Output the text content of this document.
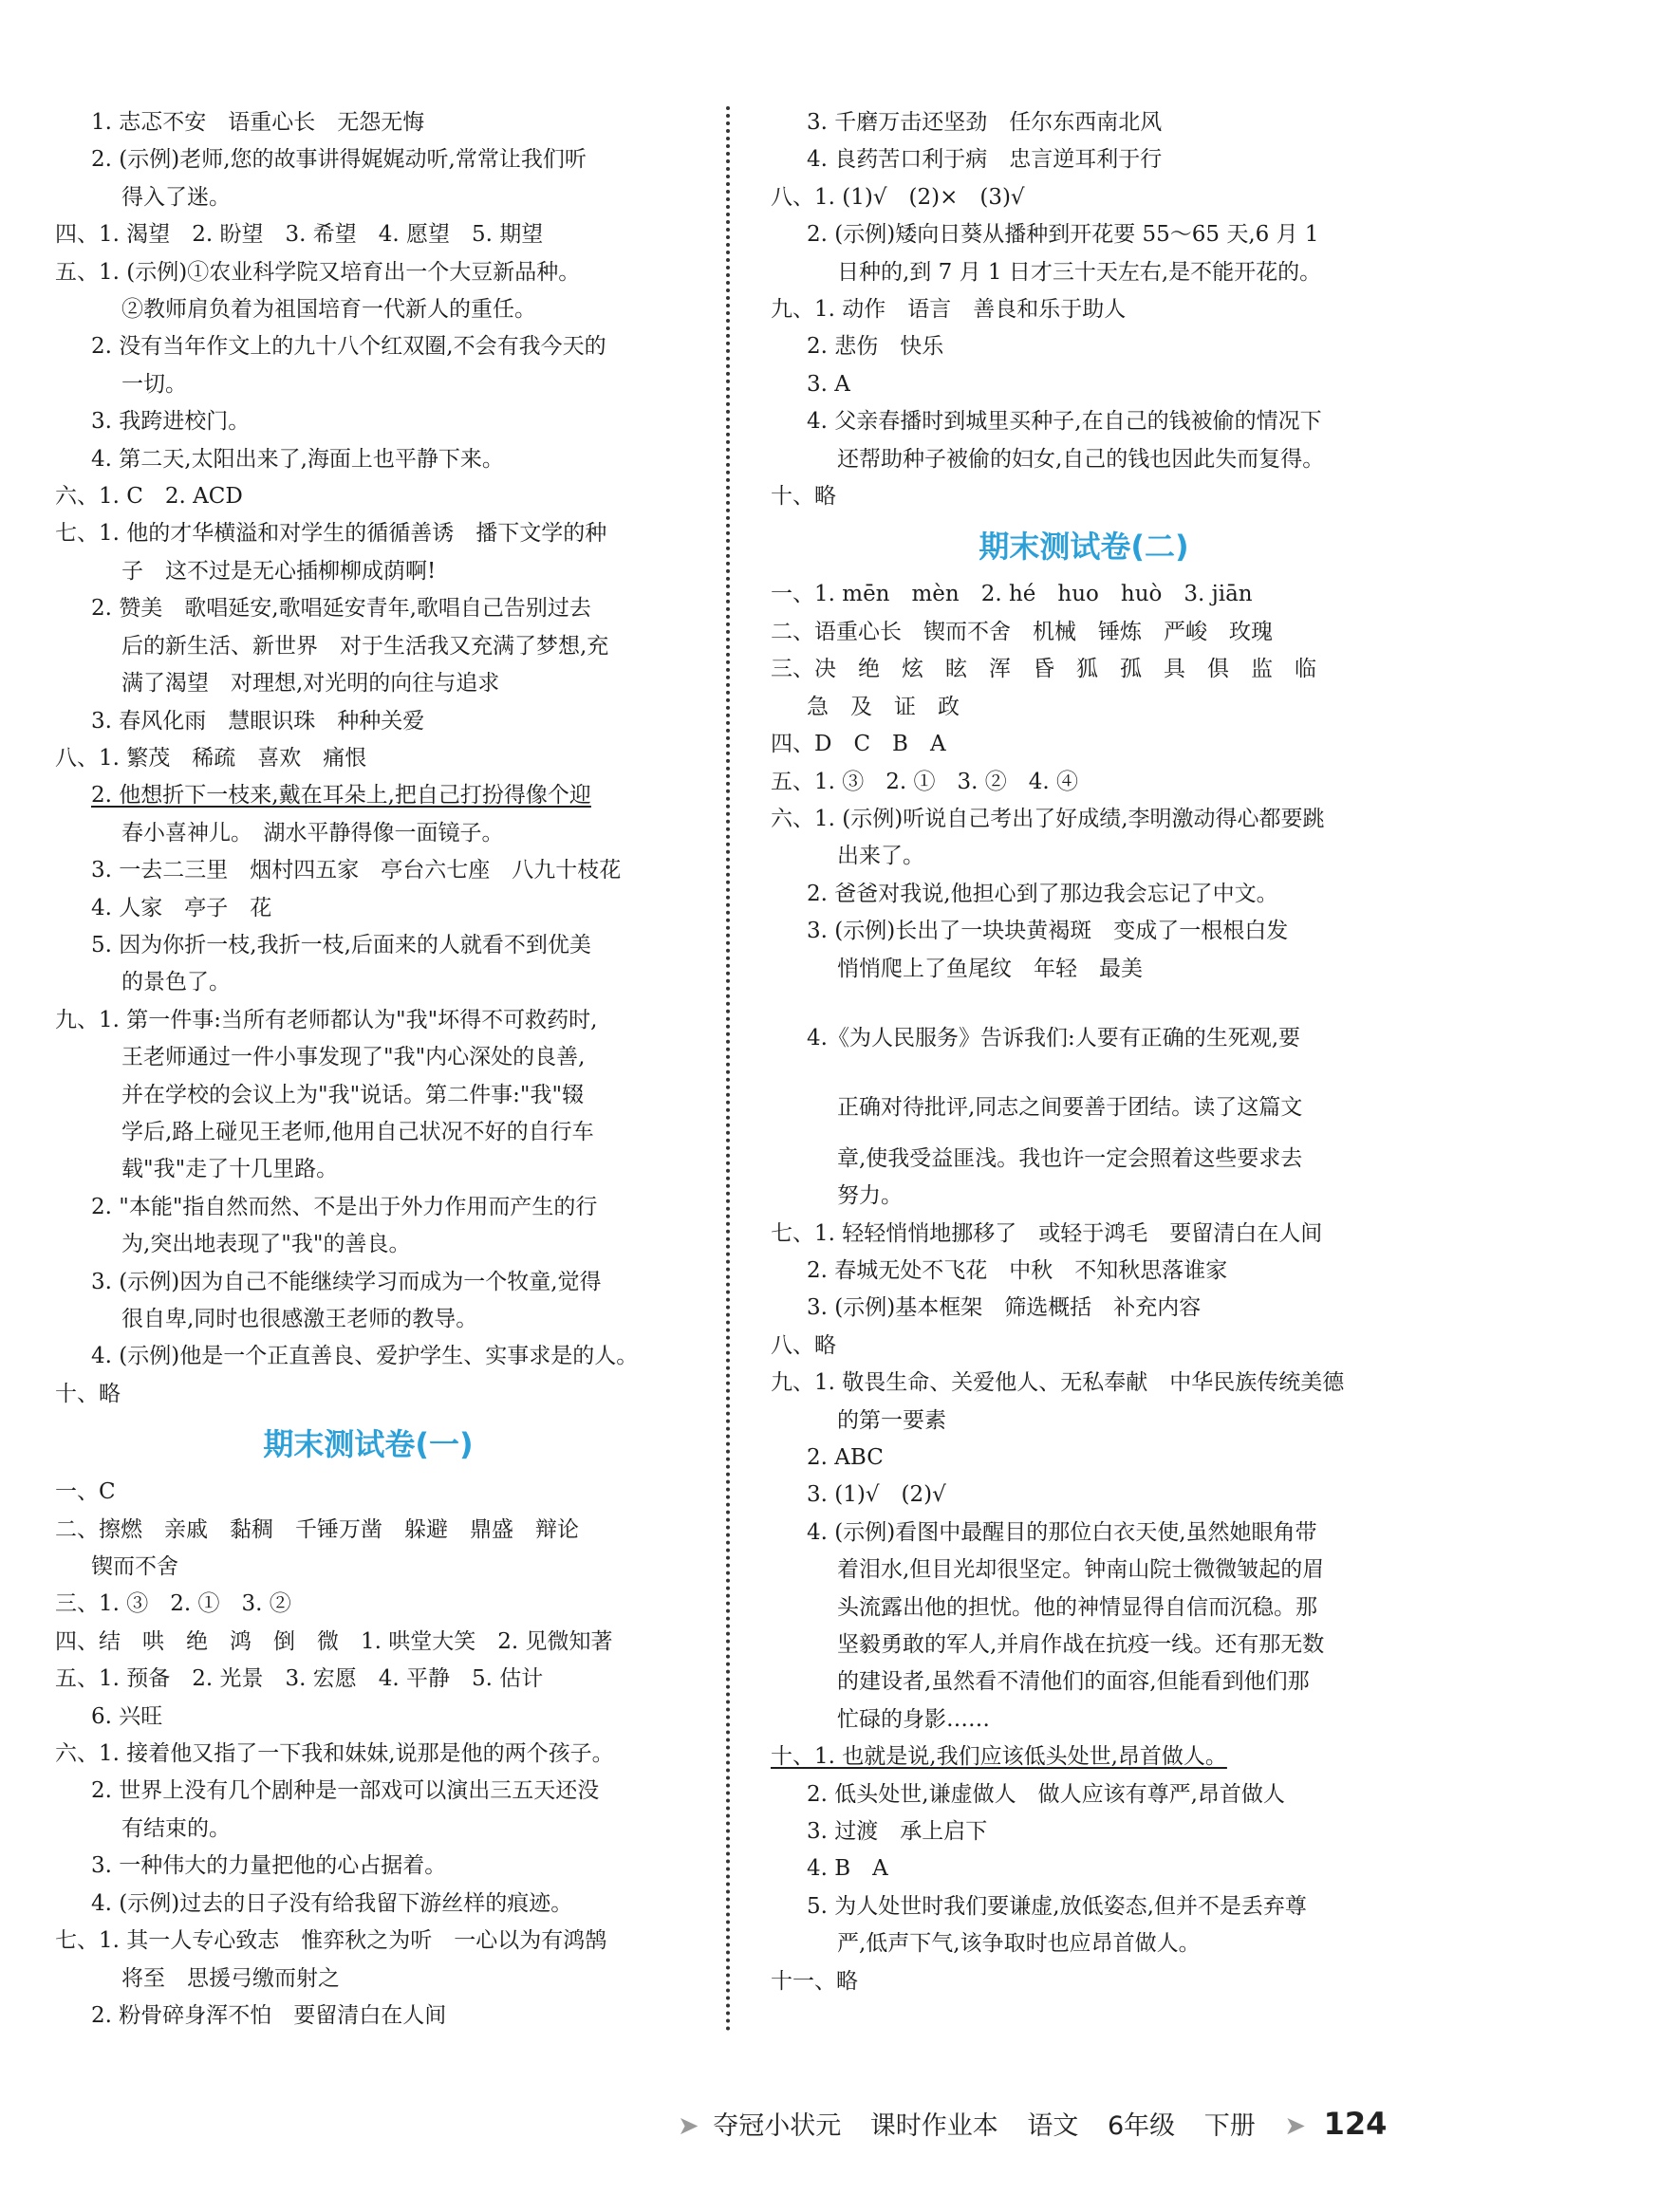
1. 志忑不安　语重心长　无怨无悔
2. (示例)老师,您的故事讲得娓娓动听,常常让我们听
得入了迷。
四、1. 渴望　2. 盼望　3. 希望　4. 愿望　5. 期望
五、1. (示例)①农业科学院又培育出一个大豆新品种。
②教师肩负着为祖国培育一代新人的重任。
2. 没有当年作文上的九十八个红双圈,不会有我今天的
一切。
3. 我跨进校门。
4. 第二天,太阳出来了,海面上也平静下来。
六、1. C　2. ACD
七、1. 他的才华横溢和对学生的循循善诱　播下文学的种
子　这不过是无心插柳柳成荫啊!
2. 赞美　歌唱延安,歌唱延安青年,歌唱自己告别过去
后的新生活、新世界　对于生活我又充满了梦想,充
满了渴望　对理想,对光明的向往与追求
3. 春风化雨　慧眼识珠　种种关爱
八、1. 繁茂　稀疏　喜欢　痛恨
2. 他想折下一枝来,戴在耳朵上,把自己打扮得像个迎
春小喜神儿。　湖水平静得像一面镜子。
3. 一去二三里　烟村四五家　亭台六七座　八九十枝花
4. 人家　亭子　花
5. 因为你折一枝,我折一枝,后面来的人就看不到优美
的景色了。
九、1. 第一件事:当所有老师都认为"我"坏得不可救药时,
王老师通过一件小事发现了"我"内心深处的良善,
并在学校的会议上为"我"说话。第二件事:"我"辍
学后,路上碰见王老师,他用自己状况不好的自行车
载"我"走了十几里路。
2. "本能"指自然而然、不是出于外力作用而产生的行
为,突出地表现了"我"的善良。
3. (示例)因为自己不能继续学习而成为一个牧童,觉得
很自卑,同时也很感激王老师的教导。
4. (示例)他是一个正直善良、爱护学生、实事求是的人。
十、略
期末测试卷(一)
一、C
二、擦燃　亲戚　黏稠　千锤万凿　躲避　鼎盛　辩论
锲而不舍
三、1. ③　2. ①　3. ②
四、结　哄　绝　鸿　倒　微　1. 哄堂大笑　2. 见微知著
五、1. 预备　2. 光景　3. 宏愿　4. 平静　5. 估计
6. 兴旺
六、1. 接着他又指了一下我和妹妹,说那是他的两个孩子。
2. 世界上没有几个剧种是一部戏可以演出三五天还没
有结束的。
3. 一种伟大的力量把他的心占据着。
4. (示例)过去的日子没有给我留下游丝样的痕迹。
七、1. 其一人专心致志　惟弈秋之为听　一心以为有鸿鹄
将至　思援弓缴而射之
2. 粉骨碎身浑不怕　要留清白在人间
3. 千磨万击还坚劲　任尔东西南北风
4. 良药苦口利于病　忠言逆耳利于行
八、1. (1)√　(2)×　(3)√
2. (示例)矮向日葵从播种到开花要 55～65 天,6 月 1
日种的,到 7 月 1 日才三十天左右,是不能开花的。
九、1. 动作　语言　善良和乐于助人
2. 悲伤　快乐
3. A
4. 父亲春播时到城里买种子,在自己的钱被偷的情况下
还帮助种子被偷的妇女,自己的钱也因此失而复得。
十、略
期末测试卷(二)
一、1. mēn　mèn　2. hé　huo　huò　3. jiān
二、语重心长　锲而不舍　机械　锤炼　严峻　玫瑰
三、决　绝　炫　眩　浑　昏　狐　孤　具　俱　监　临
急　及　证　政
四、D　C　B　A
五、1. ③　2. ①　3. ②　4. ④
六、1. (示例)听说自己考出了好成绩,李明激动得心都要跳
出来了。
2. 爸爸对我说,他担心到了那边我会忘记了中文。
3. (示例)长出了一块块黄褐斑　变成了一根根白发
悄悄爬上了鱼尾纹　年轻　最美
4.《为人民服务》告诉我们:人要有正确的生死观,要
正确对待批评,同志之间要善于团结。读了这篇文
章,使我受益匪浅。我也许一定会照着这些要求去
努力。
七、1. 轻轻悄悄地挪移了　或轻于鸿毛　要留清白在人间
2. 春城无处不飞花　中秋　不知秋思落谁家
3. (示例)基本框架　筛选概括　补充内容
八、略
九、1. 敬畏生命、关爱他人、无私奉献　中华民族传统美德
的第一要素
2. ABC
3. (1)√　(2)√
4. (示例)看图中最醒目的那位白衣天使,虽然她眼角带
着泪水,但目光却很坚定。钟南山院士微微皱起的眉
头流露出他的担忧。他的神情显得自信而沉稳。那
坚毅勇敢的军人,并肩作战在抗疫一线。还有那无数
的建设者,虽然看不清他们的面容,但能看到他们那
忙碌的身影……
十、1. 也就是说,我们应该低头处世,昂首做人。
2. 低头处世,谦虚做人　做人应该有尊严,昂首做人
3. 过渡　承上启下
4. B　A
5. 为人处世时我们要谦虚,放低姿态,但并不是丢弃尊
严,低声下气,该争取时也应昂首做人。
十一、略
➤ 夺冠小状元 课时作业本 语文 6年级 下册 ➤ 124
